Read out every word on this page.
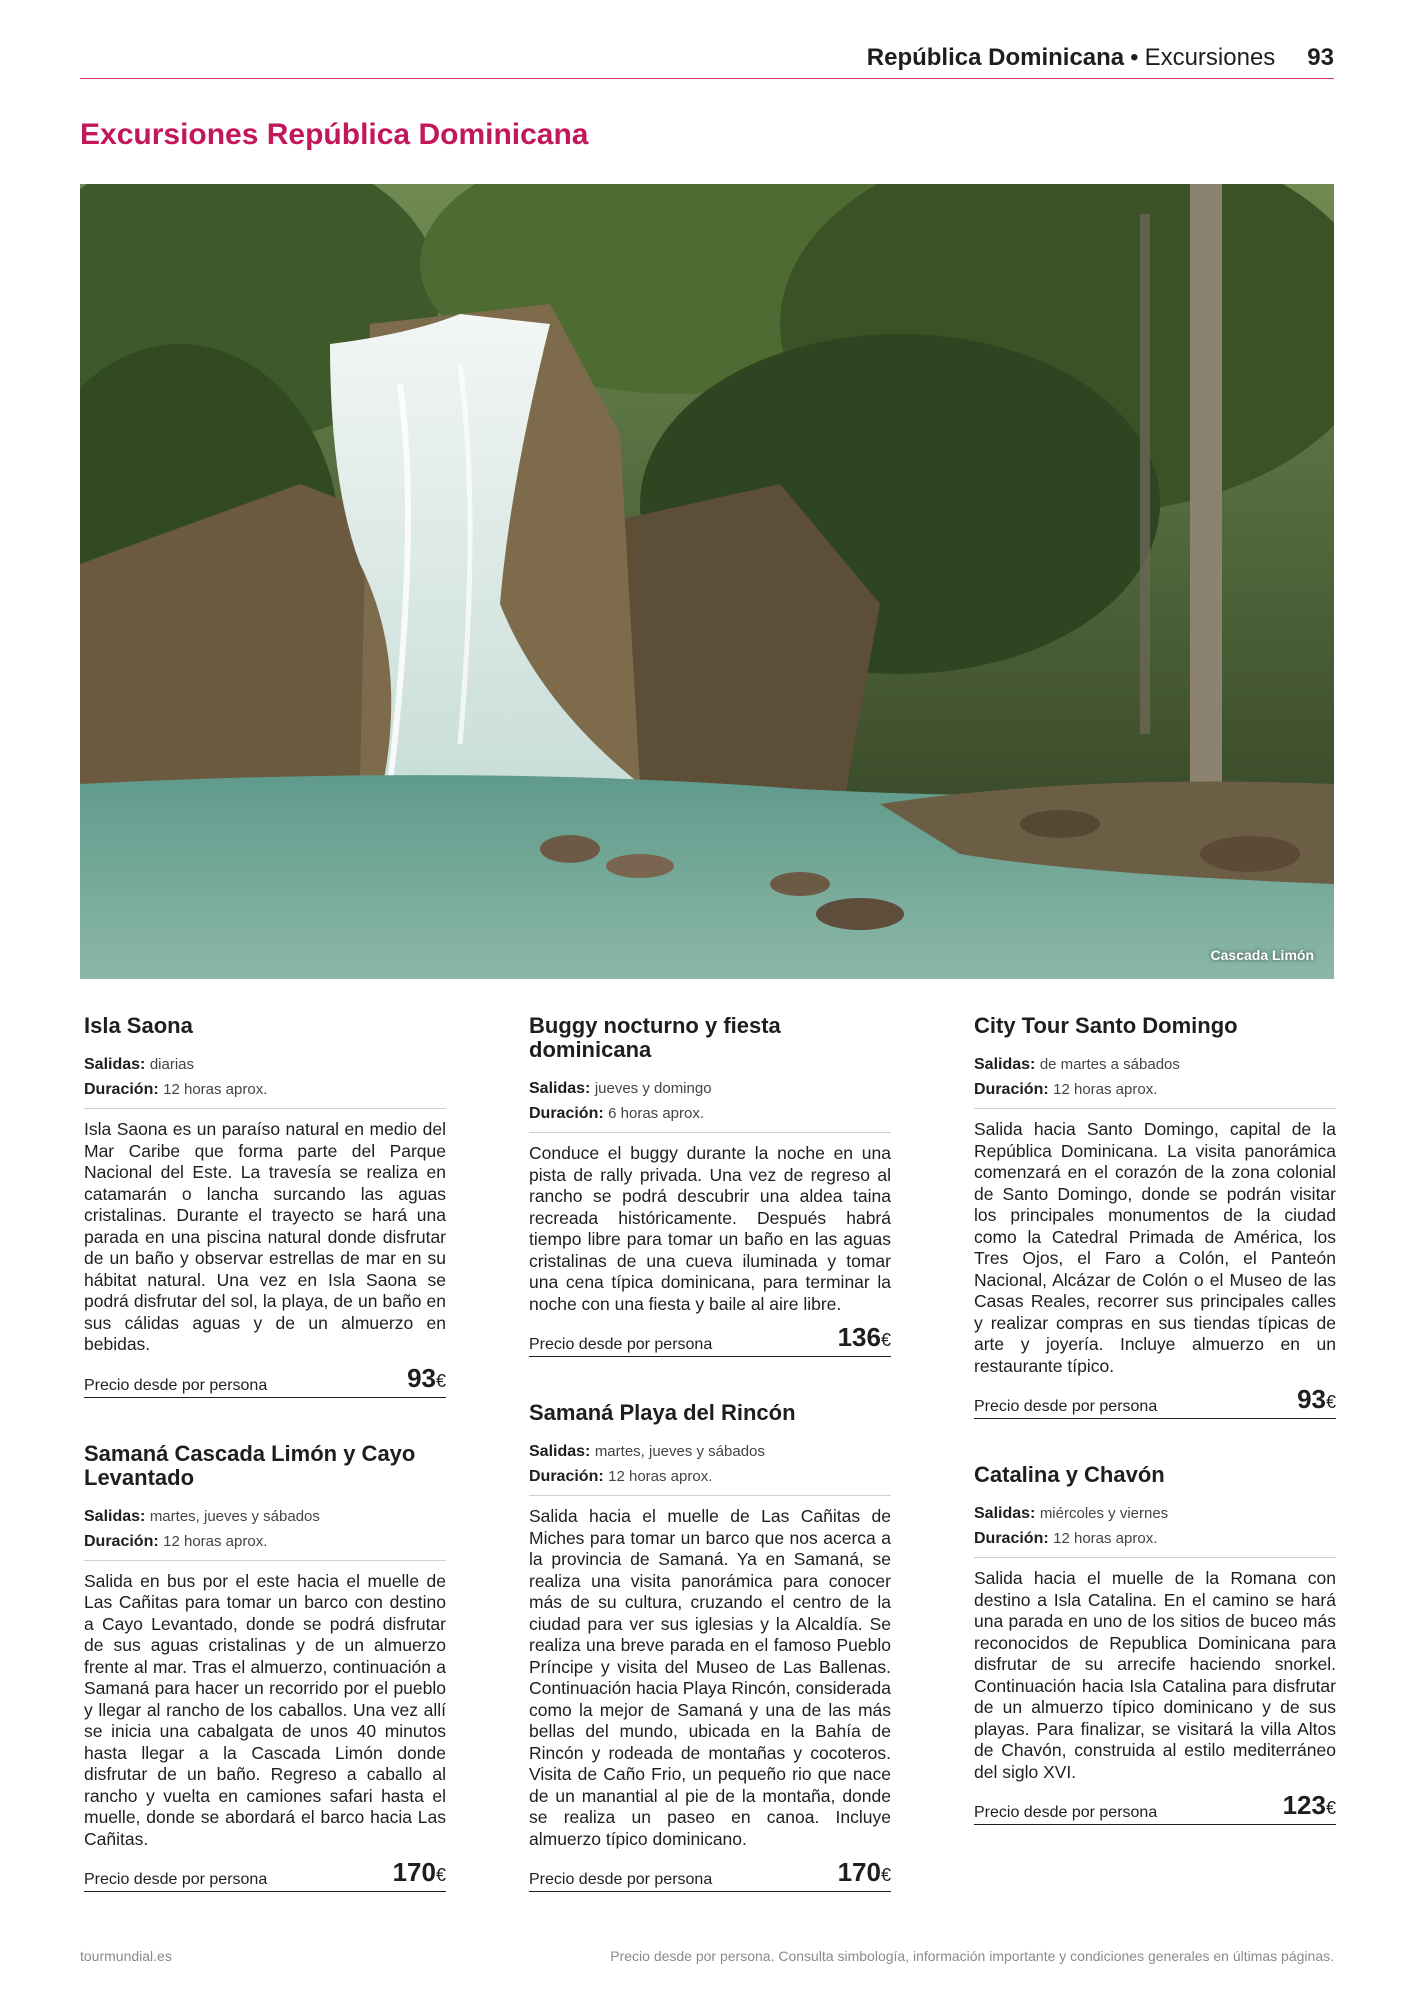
República Dominicana • Excursiones 93
Excursiones República Dominicana
Cascada Limón
Isla Saona
Salidas: diarias
Duración: 12 horas aprox.

Isla Saona es un paraíso natural en medio del Mar Caribe que forma parte del Parque Nacional del Este. La travesía se realiza en catamarán o lancha surcando las aguas cristalinas. Durante el trayecto se hará una parada en una piscina natural donde disfrutar de un baño y observar estrellas de mar en su hábitat natural. Una vez en Isla Saona se podrá disfrutar del sol, la playa, de un baño en sus cálidas aguas y de un almuerzo en bebidas.

Precio desde por persona	93€
Samaná Cascada Limón y Cayo Levantado
Salidas: martes, jueves y sábados
Duración: 12 horas aprox.

Salida en bus por el este hacia el muelle de Las Cañitas para tomar un barco con destino a Cayo Levantado, donde se podrá disfrutar de sus aguas cristalinas y de un almuerzo frente al mar. Tras el almuerzo, continuación a Samaná para hacer un recorrido por el pueblo y llegar al rancho de los caballos. Una vez allí se inicia una cabalgata de unos 40 minutos hasta llegar a la Cascada Limón donde disfrutar de un baño. Regreso a caballo al rancho y vuelta en camiones safari hasta el muelle, donde se abordará el barco hacia Las Cañitas.

Precio desde por persona	170€
Buggy nocturno y fiesta dominicana
Salidas: jueves y domingo
Duración: 6 horas aprox.

Conduce el buggy durante la noche en una pista de rally privada. Una vez de regreso al rancho se podrá descubrir una aldea taina recreada históricamente. Después habrá tiempo libre para tomar un baño en las aguas cristalinas de una cueva iluminada y tomar una cena típica dominicana, para terminar la noche con una fiesta y baile al aire libre.

Precio desde por persona	136€
Samaná Playa del Rincón
Salidas: martes, jueves y sábados
Duración: 12 horas aprox.

Salida hacia el muelle de Las Cañitas de Miches para tomar un barco que nos acerca a la provincia de Samaná. Ya en Samaná, se realiza una visita panorámica para conocer más de su cultura, cruzando el centro de la ciudad para ver sus iglesias y la Alcaldía. Se realiza una breve parada en el famoso Pueblo Príncipe y visita del Museo de Las Ballenas. Continuación hacia Playa Rincón, considerada como la mejor de Samaná y una de las más bellas del mundo, ubicada en la Bahía de Rincón y rodeada de montañas y cocoteros. Visita de Caño Frio, un pequeño rio que nace de un manantial al pie de la montaña, donde se realiza un paseo en canoa. Incluye almuerzo típico dominicano.

Precio desde por persona	170€
City Tour Santo Domingo
Salidas: de martes a sábados
Duración: 12 horas aprox.

Salida hacia Santo Domingo, capital de la República Dominicana. La visita panorámica comenzará en el corazón de la zona colonial de Santo Domingo, donde se podrán visitar los principales monumentos de la ciudad como la Catedral Primada de América, los Tres Ojos, el Faro a Colón, el Panteón Nacional, Alcázar de Colón o el Museo de las Casas Reales, recorrer sus principales calles y realizar compras en sus tiendas típicas de arte y joyería. Incluye almuerzo en un restaurante típico.

Precio desde por persona	93€
Catalina y Chavón
Salidas: miércoles y viernes
Duración: 12 horas aprox.

Salida hacia el muelle de la Romana con destino a Isla Catalina. En el camino se hará una parada en uno de los sitios de buceo más reconocidos de Republica Dominicana para disfrutar de su arrecife haciendo snorkel. Continuación hacia Isla Catalina para disfrutar de un almuerzo típico dominicano y de sus playas. Para finalizar, se visitará la villa Altos de Chavón, construida al estilo mediterráneo del siglo XVI.

Precio desde por persona	123€
tourmundial.es	Precio desde por persona. Consulta simbología, información importante y condiciones generales en últimas páginas.
